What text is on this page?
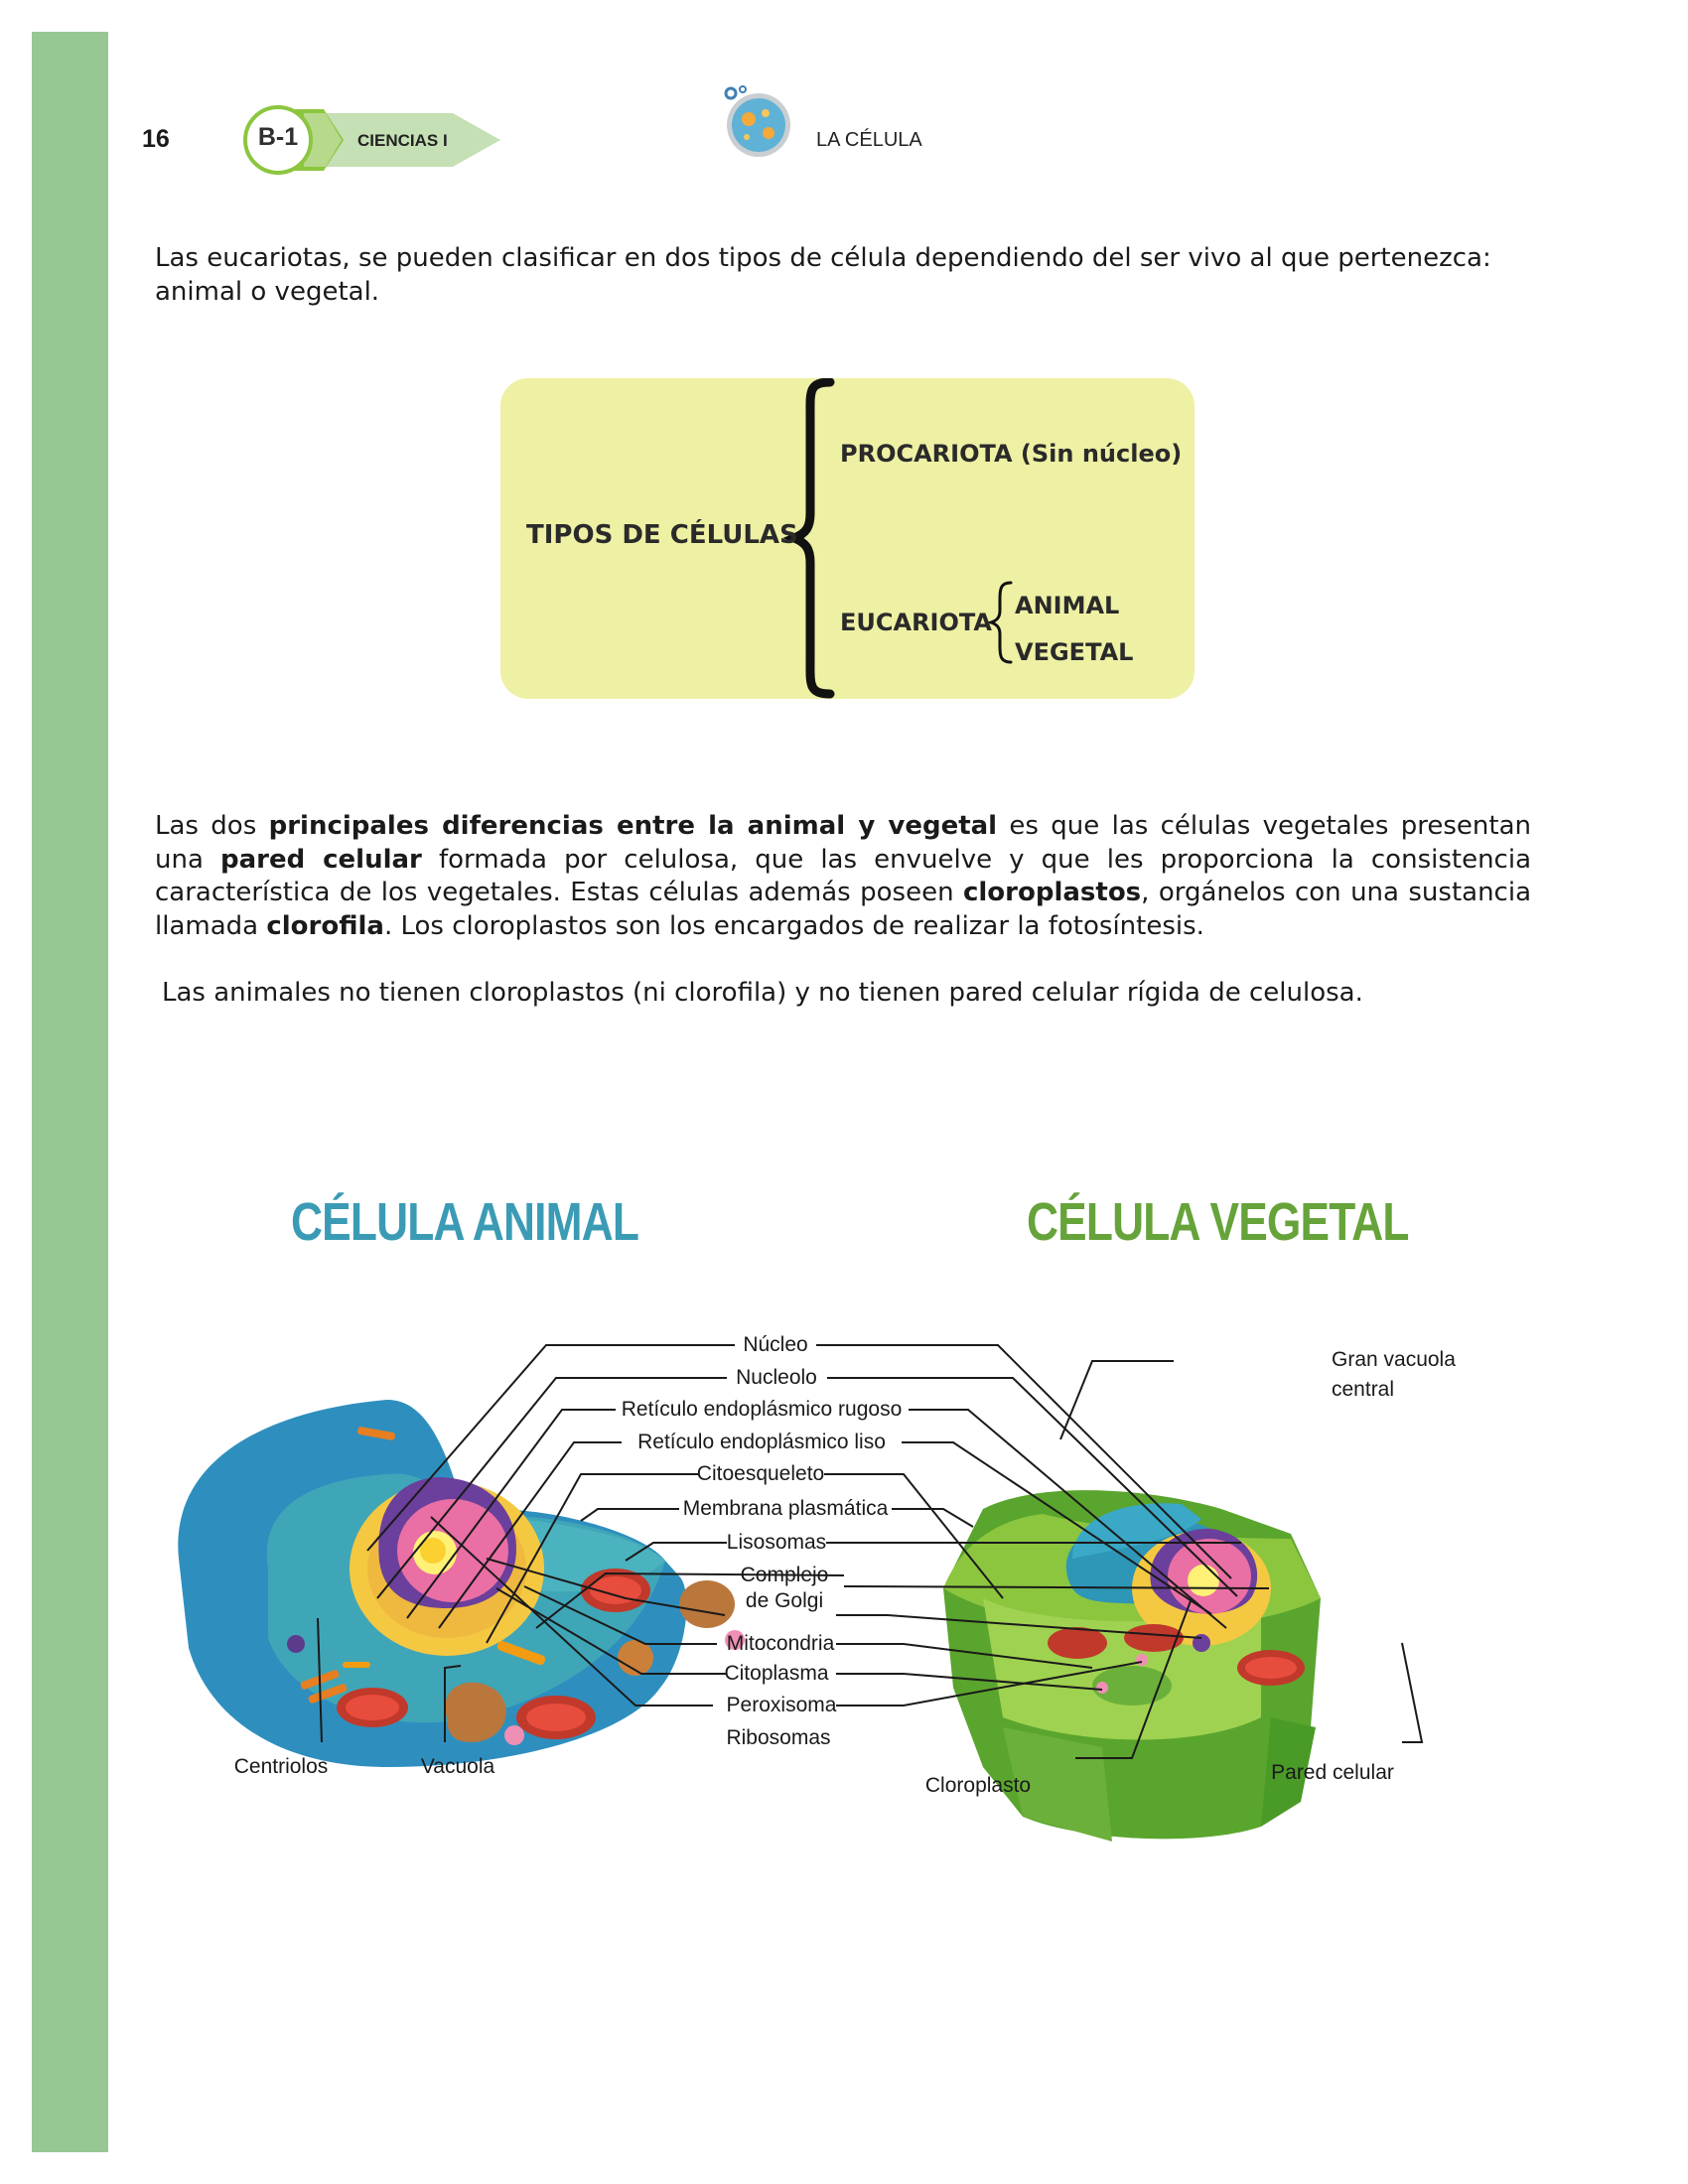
16	B-1	CIENCIAS I	LA CÉLULA

Las eucariotas, se pueden clasificar en dos tipos de célula dependiendo del ser vivo al que pertenezca: animal o vegetal.

TIPOS DE CÉLULAS
PROCARIOTA (Sin núcleo)
EUCARIOTA
ANIMAL
VEGETAL

Las dos principales diferencias entre la animal y vegetal es que las células vegetales presentan una pared celular formada por celulosa, que las envuelve y que les proporciona la consistencia característica de los vegetales. Estas células además poseen cloroplastos, orgánelos con una sustancia llamada clorofila. Los cloroplastos son los encargados de realizar la fotosíntesis.

Las animales no tienen cloroplastos (ni clorofila) y no tienen pared celular rígida de celulosa.

CÉLULA ANIMAL	CÉLULA VEGETAL
Núcleo
Nucleolo
Retículo endoplásmico rugoso
Retículo endoplásmico liso
Citoesqueleto
Membrana plasmática
Lisosomas
Complejo
de Golgi
Mitocondria
Citoplasma
Peroxisoma
Ribosomas
Centriolos	Vacuola
Gran vacuola
central
Cloroplasto
Pared celular
